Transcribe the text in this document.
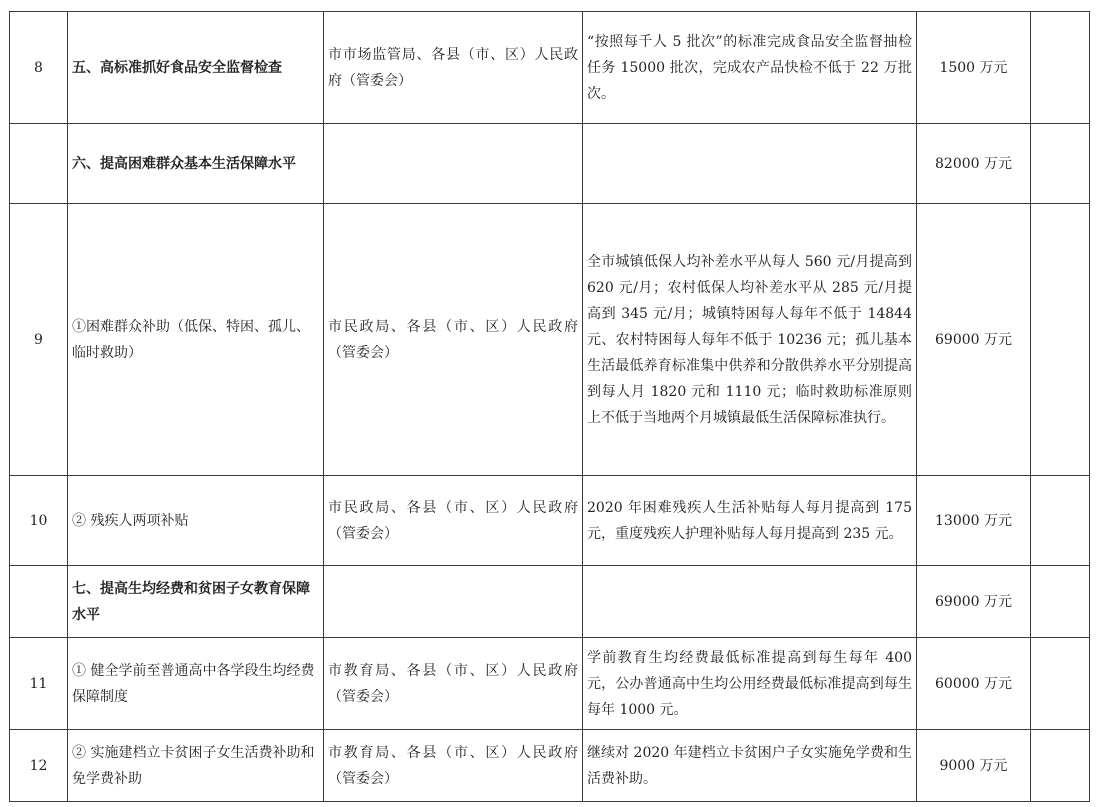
8	五、高标准抓好食品安全监督检查	市市场监管局、各县（市、区）人民政府（管委会）	“按照每千人 5 批次”的标准完成食品安全监督抽检任务 15000 批次，完成农产品快检不低于 22 万批次。	1500 万元	
	六、提高困难群众基本生活保障水平			82000 万元	
9	①困难群众补助（低保、特困、孤儿、临时救助）	市民政局、各县（市、区）人民政府（管委会）	全市城镇低保人均补差水平从每人 560 元/月提高到 620 元/月；农村低保人均补差水平从 285 元/月提高到 345 元/月；城镇特困每人每年不低于 14844 元、农村特困每人每年不低于 10236 元；孤儿基本生活最低养育标准集中供养和分散供养水平分别提高到每人月 1820 元和 1110 元；临时救助标准原则上不低于当地两个月城镇最低生活保障标准执行。	69000 万元	
10	② 残疾人两项补贴	市民政局、各县（市、区）人民政府（管委会）	2020 年困难残疾人生活补贴每人每月提高到 175 元，重度残疾人护理补贴每人每月提高到 235 元。	13000 万元	
	七、提高生均经费和贫困子女教育保障水平			69000 万元	
11	① 健全学前至普通高中各学段生均经费保障制度	市教育局、各县（市、区）人民政府（管委会）	学前教育生均经费最低标准提高到每生每年 400 元，公办普通高中生均公用经费最低标准提高到每生每年 1000 元。	60000 万元	
12	② 实施建档立卡贫困子女生活费补助和免学费补助	市教育局、各县（市、区）人民政府（管委会）	继续对 2020 年建档立卡贫困户子女实施免学费和生活费补助。	9000 万元	
